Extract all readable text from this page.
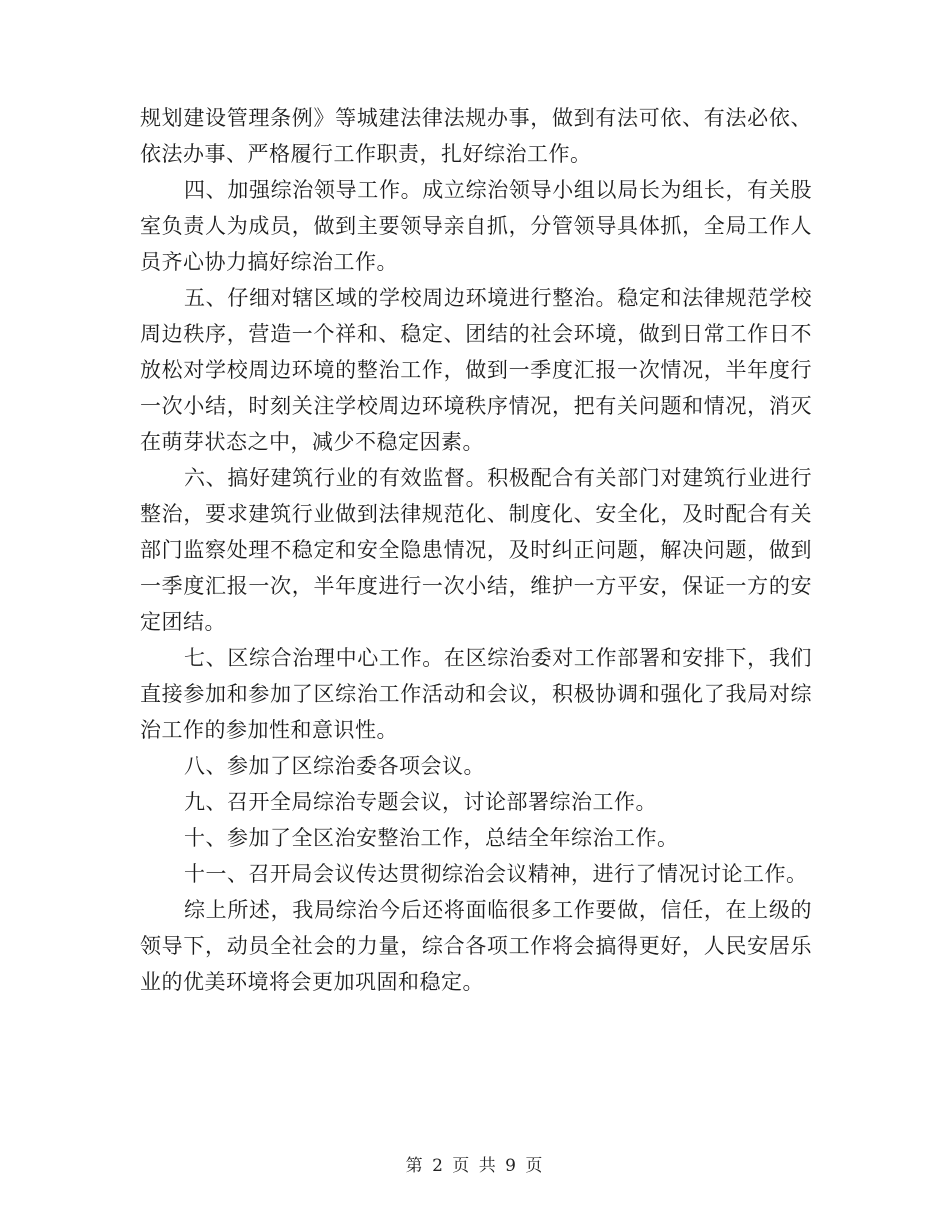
规划建设管理条例》等城建法律法规办事，做到有法可依、有法必依、依法办事、严格履行工作职责，扎好综治工作。

四、加强综治领导工作。成立综治领导小组以局长为组长，有关股室负责人为成员，做到主要领导亲自抓，分管领导具体抓，全局工作人员齐心协力搞好综治工作。

五、仔细对辖区域的学校周边环境进行整治。稳定和法律规范学校周边秩序，营造一个祥和、稳定、团结的社会环境，做到日常工作日不放松对学校周边环境的整治工作，做到一季度汇报一次情况，半年度行一次小结，时刻关注学校周边环境秩序情况，把有关问题和情况，消灭在萌芽状态之中，减少不稳定因素。

六、搞好建筑行业的有效监督。积极配合有关部门对建筑行业进行整治，要求建筑行业做到法律规范化、制度化、安全化，及时配合有关部门监察处理不稳定和安全隐患情况，及时纠正问题，解决问题，做到一季度汇报一次，半年度进行一次小结，维护一方平安，保证一方的安定团结。

七、区综合治理中心工作。在区综治委对工作部署和安排下，我们直接参加和参加了区综治工作活动和会议，积极协调和强化了我局对综治工作的参加性和意识性。

八、参加了区综治委各项会议。

九、召开全局综治专题会议，讨论部署综治工作。

十、参加了全区治安整治工作，总结全年综治工作。

十一、召开局会议传达贯彻综治会议精神，进行了情况讨论工作。

综上所述，我局综治今后还将面临很多工作要做，信任，在上级的领导下，动员全社会的力量，综合各项工作将会搞得更好，人民安居乐业的优美环境将会更加巩固和稳定。

第 2 页 共 9 页
